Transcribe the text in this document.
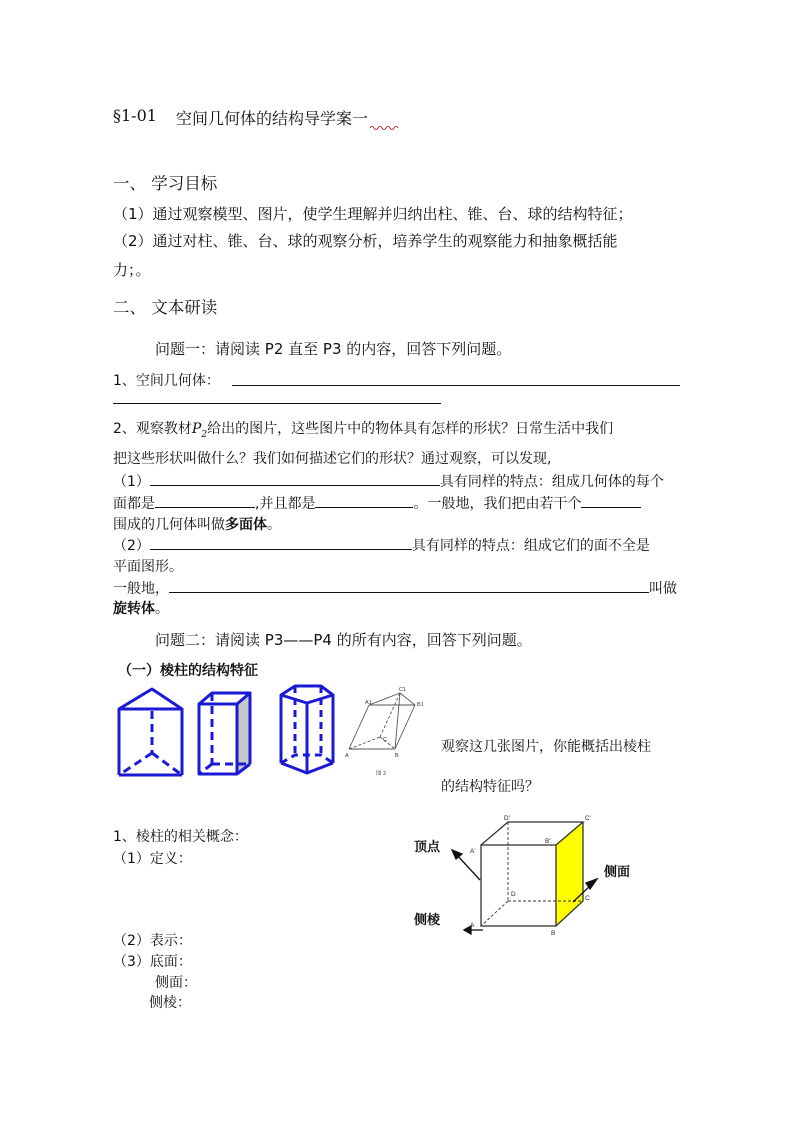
§1-01 空间几何体的结构导学案一
一、 学习目标
（1）通过观察模型、图片，使学生理解并归纳出柱、锥、台、球的结构特征；
（2）通过对柱、锥、台、球的观察分析，培养学生的观察能力和抽象概括能
力；。
二、 文本研读
问题一：请阅读 P2 直至 P3 的内容，回答下列问题。
1、空间几何体：
2、观察教材$P_2$给出的图片，这些图片中的物体具有怎样的形状？日常生活中我们
把这些形状叫做什么？我们如何描述它们的形状？通过观察，可以发现,
（1）	具有同样的特点：组成几何体的每个
面都是	,并且都是	。一般地，我们把由若干个
围成的几何体叫做多面体。
（2）	具有同样的特点：组成它们的面不全是
平面图形。
一般地，	叫做
旋转体。
问题二：请阅读 P3——P4 的所有内容，回答下列问题。
（一）棱柱的结构特征
A1
C1
B1
A	B
C
图 2
观察这几张图片，你能概括出棱柱
的结构特征吗？
1、棱柱的相关概念：
（1）定义：
（2）表示：
（3）底面：
侧面：
侧棱：
顶点
侧面
侧棱
D'	C'
A'
B'
D
A
B
C
